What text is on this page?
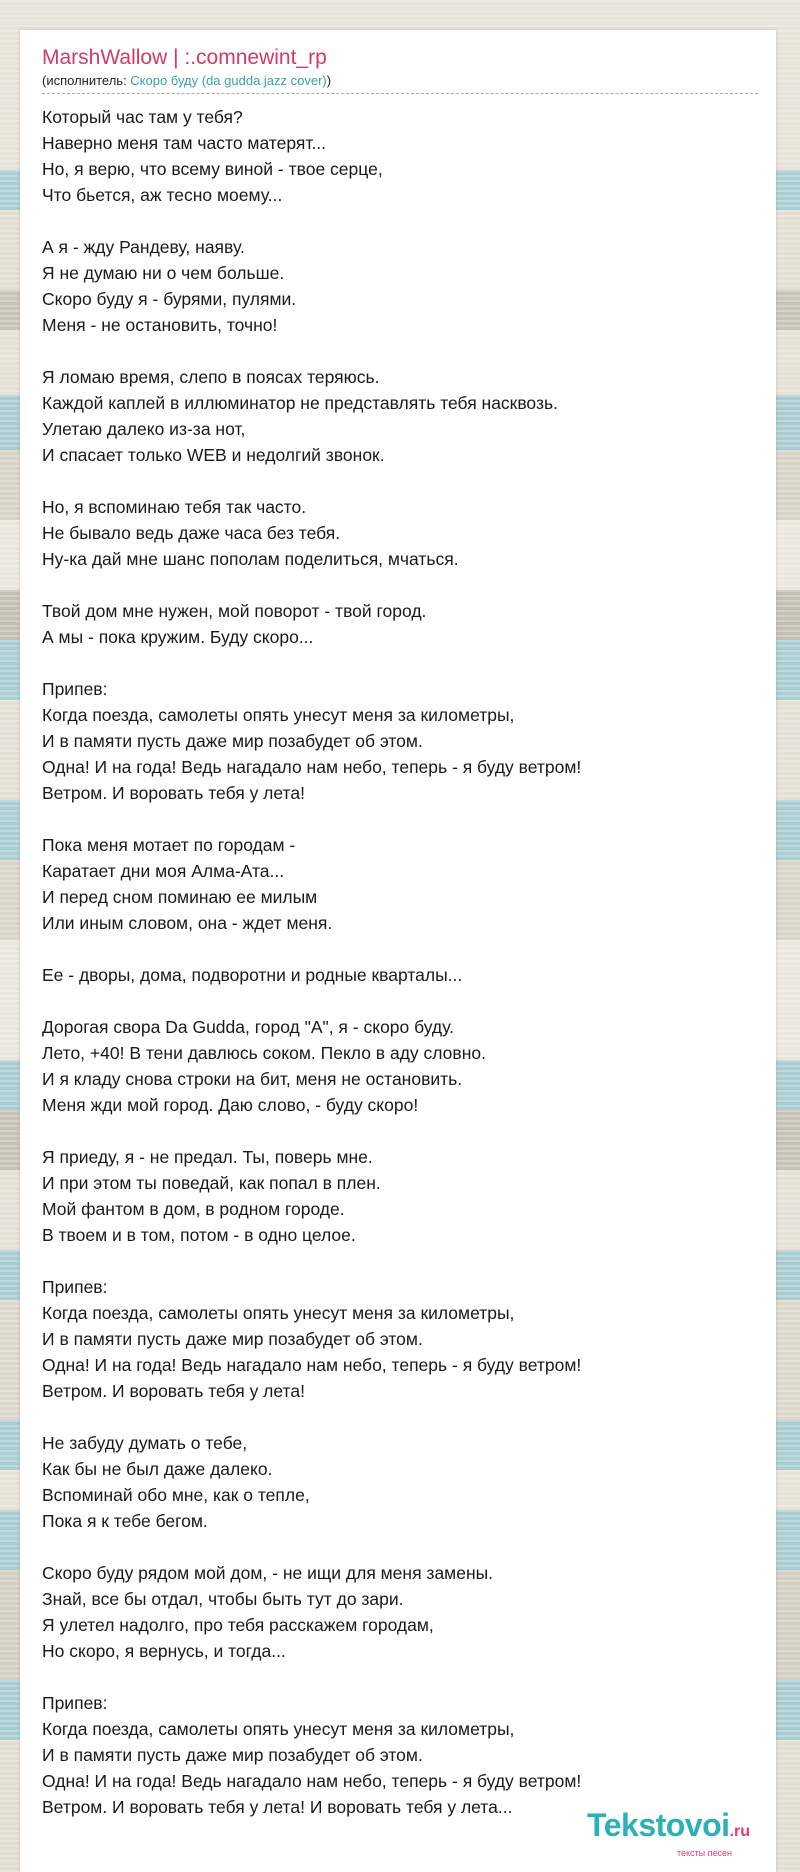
MarshWallow | :.comnewint_rp
(исполнитель: Скоро буду (da gudda jazz cover))
Который час там у тебя?
Наверно меня там часто матерят...
Но, я верю, что всему виной - твое серце,
Что бьется, аж тесно моему...

А я - жду Рандеву, наяву.
Я не думаю ни о чем больше.
Скоро буду я - бурями, пулями.
Меня - не остановить, точно!

Я ломаю время, слепо в поясах теряюсь.
Каждой каплей в иллюминатор не представлять тебя насквозь.
Улетаю далеко из-за нот,
И спасает только WEB и недолгий звонок.

Но, я вспоминаю тебя так часто.
Не бывало ведь даже часа без тебя.
Ну-ка дай мне шанс пополам поделиться, мчаться.

Твой дом мне нужен, мой поворот - твой город.
А мы - пока кружим. Буду скоро...

Припев:
Когда поезда, самолеты опять унесут меня за километры,
И в памяти пусть даже мир позабудет об этом.
Одна! И на года! Ведь нагадало нам небо, теперь - я буду ветром!
Ветром. И воровать тебя у лета!

Пока меня мотает по городам -
Каратает дни моя Алма-Ата...
И перед сном поминаю ее милым
Или иным словом, она - ждет меня.

Ее - дворы, дома, подворотни и родные кварталы...

Дорогая свора Da Gudda, город "А", я - скоро буду.
Лето, +40! В тени давлюсь соком. Пекло в аду словно.
И я кладу снова строки на бит, меня не остановить.
Меня жди мой город. Даю слово, - буду скоро!

Я приеду, я - не предал. Ты, поверь мне.
И при этом ты поведай, как попал в плен.
Мой фантом в дом, в родном городе.
В твоем и в том, потом - в одно целое.

Припев:
Когда поезда, самолеты опять унесут меня за километры,
И в памяти пусть даже мир позабудет об этом.
Одна! И на года! Ведь нагадало нам небо, теперь - я буду ветром!
Ветром. И воровать тебя у лета!

Не забуду думать о тебе,
Как бы не был даже далеко.
Вспоминай обо мне, как о тепле,
Пока я к тебе бегом.

Скоро буду рядом мой дом, - не ищи для меня замены.
Знай, все бы отдал, чтобы быть тут до зари.
Я улетел надолго, про тебя расскажем городам,
Но скоро, я вернусь, и тогда...

Припев:
Когда поезда, самолеты опять унесут меня за километры,
И в памяти пусть даже мир позабудет об этом.
Одна! И на года! Ведь нагадало нам небо, теперь - я буду ветром!
Ветром. И воровать тебя у лета! И воровать тебя у лета...	Tekstovoi.ru
тексты песен
